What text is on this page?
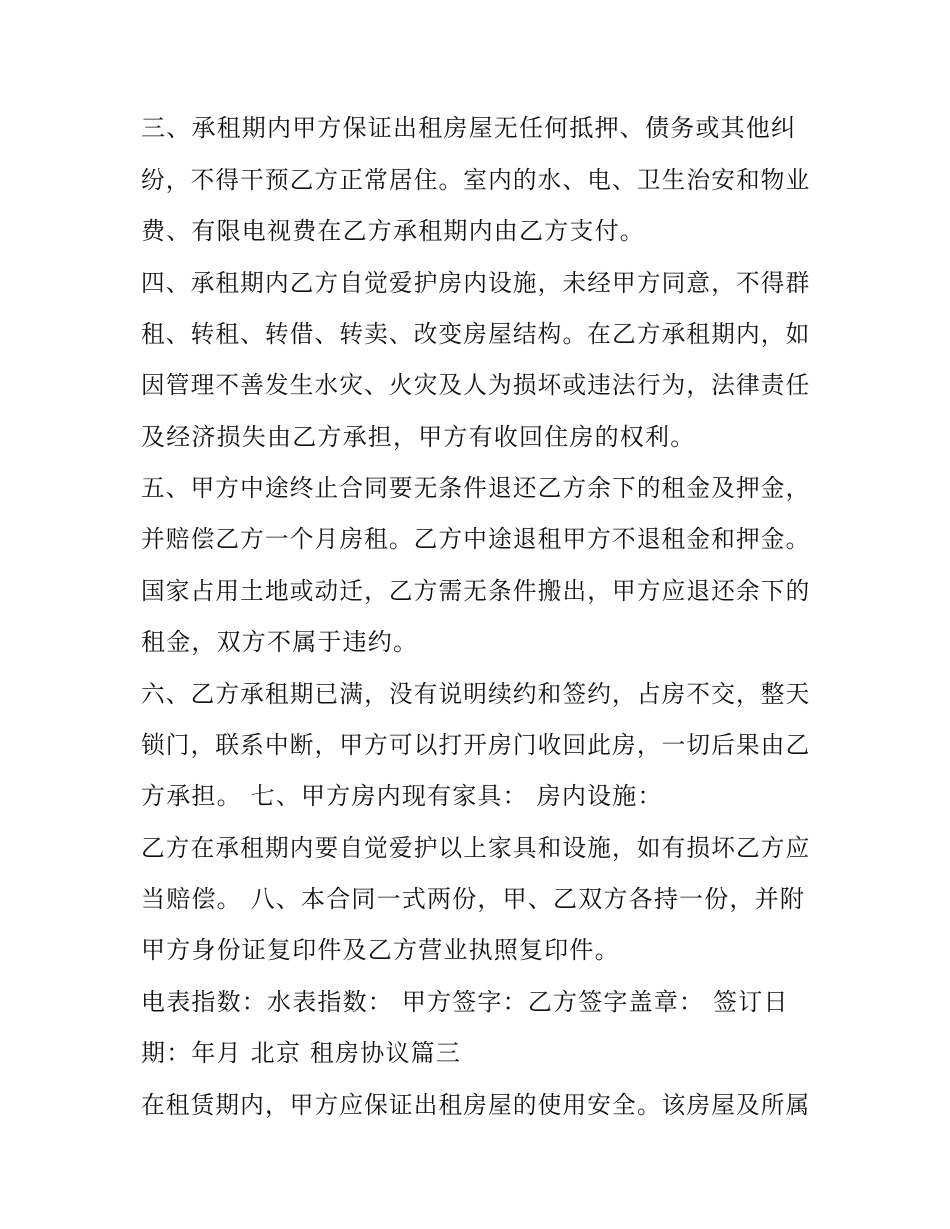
三、承租期内甲方保证出租房屋无任何抵押、债务或其他纠
纷，不得干预乙方正常居住。室内的水、电、卫生治安和物业
费、有限电视费在乙方承租期内由乙方支付。
四、承租期内乙方自觉爱护房内设施，未经甲方同意，不得群
租、转租、转借、转卖、改变房屋结构。在乙方承租期内，如
因管理不善发生水灾、火灾及人为损坏或违法行为，法律责任
及经济损失由乙方承担，甲方有收回住房的权利。
五、甲方中途终止合同要无条件退还乙方余下的租金及押金，
并赔偿乙方一个月房租。乙方中途退租甲方不退租金和押金。
国家占用土地或动迁，乙方需无条件搬出，甲方应退还余下的
租金，双方不属于违约。
六、乙方承租期已满，没有说明续约和签约，占房不交，整天
锁门，联系中断，甲方可以打开房门收回此房，一切后果由乙
方承担。 七、甲方房内现有家具： 房内设施：
乙方在承租期内要自觉爱护以上家具和设施，如有损坏乙方应
当赔偿。 八、本合同一式两份，甲、乙双方各持一份，并附
甲方身份证复印件及乙方营业执照复印件。
电表指数：水表指数： 甲方签字：乙方签字盖章： 签订日
期：年月 北京 租房协议篇三
在租赁期内，甲方应保证出租房屋的使用安全。该房屋及所属
